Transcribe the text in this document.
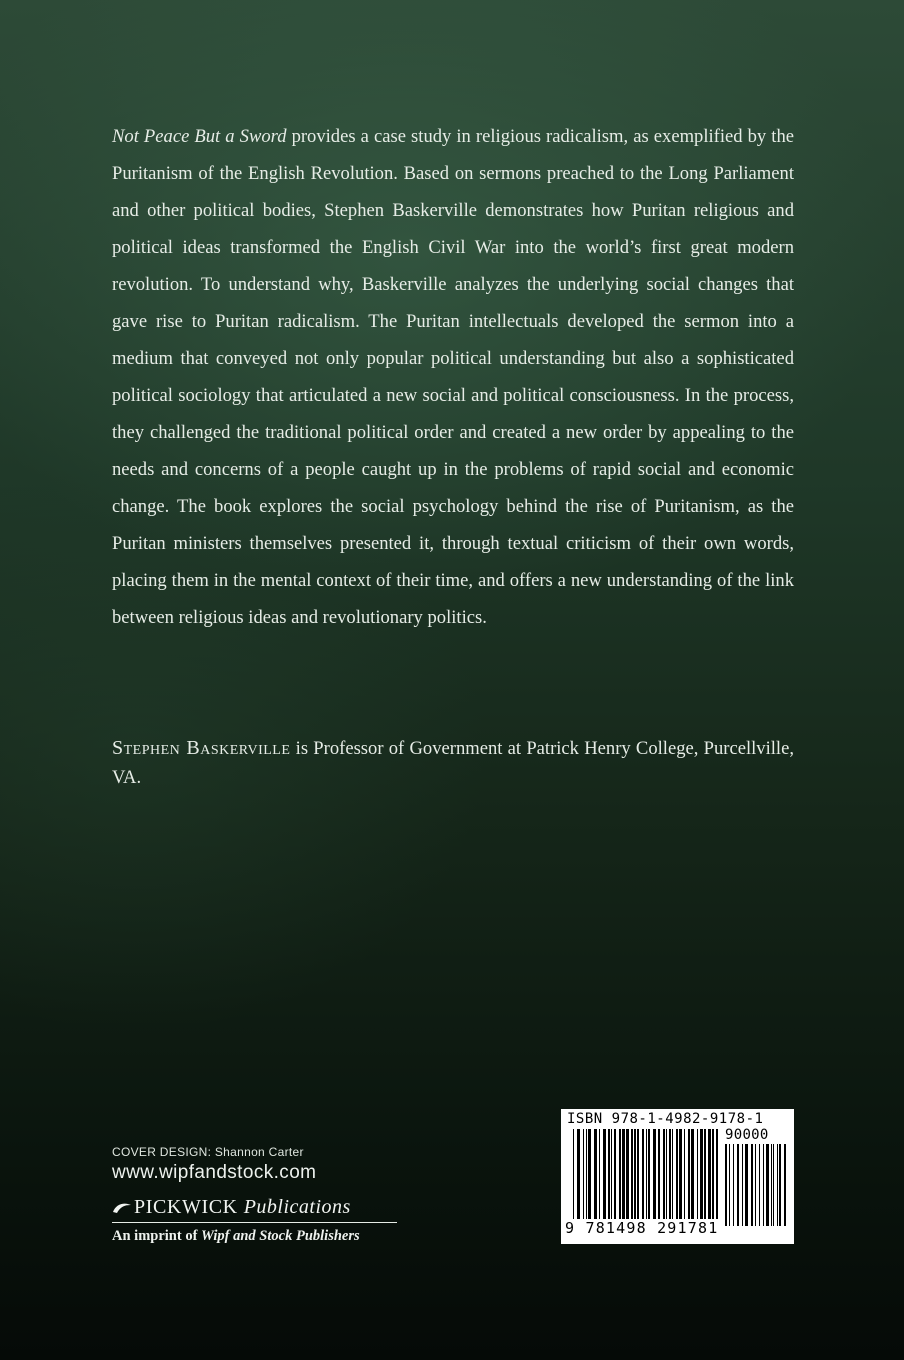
Not Peace But a Sword provides a case study in religious radicalism, as exemplified by the Puritanism of the English Revolution. Based on sermons preached to the Long Parliament and other political bodies, Stephen Baskerville demonstrates how Puritan religious and political ideas transformed the English Civil War into the world’s first great modern revolution. To understand why, Baskerville analyzes the underlying social changes that gave rise to Puritan radicalism. The Puritan intellectuals developed the sermon into a medium that conveyed not only popular political understanding but also a sophisticated political sociology that articulated a new social and political consciousness. In the process, they challenged the traditional political order and created a new order by appealing to the needs and concerns of a people caught up in the problems of rapid social and economic change. The book explores the social psychology behind the rise of Puritanism, as the Puritan ministers themselves presented it, through textual criticism of their own words, placing them in the mental context of their time, and offers a new understanding of the link between religious ideas and revolutionary politics.

Stephen Baskerville is Professor of Government at Patrick Henry College, Purcellville, VA.

COVER DESIGN: Shannon Carter
www.wipfandstock.com
PICKWICK Publications
An imprint of Wipf and Stock Publishers
ISBN 978-1-4982-9178-1
90000
9 781498 291781
